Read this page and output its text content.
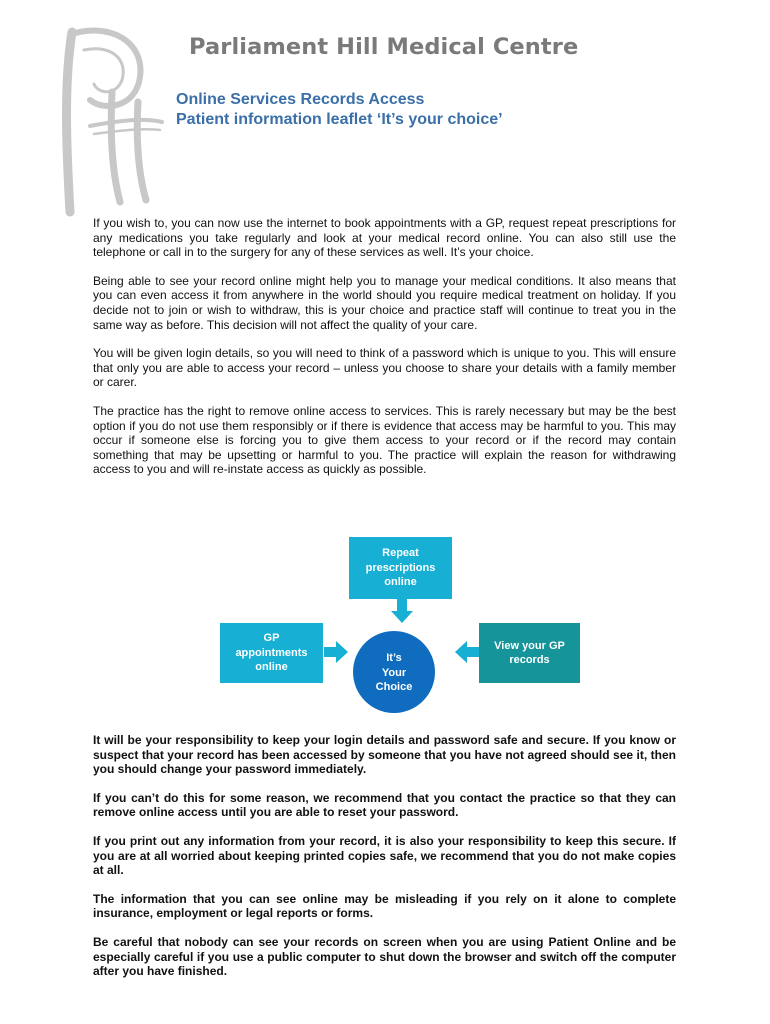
Parliament Hill Medical Centre
Online Services Records Access
Patient information leaflet ‘It’s your choice’

If you wish to, you can now use the internet to book appointments with a GP, request repeat prescriptions for any medications you take regularly and look at your medical record online. You can also still use the telephone or call in to the surgery for any of these services as well. It’s your choice.

Being able to see your record online might help you to manage your medical conditions. It also means that you can even access it from anywhere in the world should you require medical treatment on holiday. If you decide not to join or wish to withdraw, this is your choice and practice staff will continue to treat you in the same way as before. This decision will not affect the quality of your care.

You will be given login details, so you will need to think of a password which is unique to you. This will ensure that only you are able to access your record – unless you choose to share your details with a family member or carer.

The practice has the right to remove online access to services. This is rarely necessary but may be the best option if you do not use them responsibly or if there is evidence that access may be harmful to you. This may occur if someone else is forcing you to give them access to your record or if the record may contain something that may be upsetting or harmful to you. The practice will explain the reason for withdrawing access to you and will re-instate access as quickly as possible.

Repeat
prescriptions
online
GP
appointments
online
View your GP
records
It’s
Your
Choice

It will be your responsibility to keep your login details and password safe and secure. If you know or suspect that your record has been accessed by someone that you have not agreed should see it, then you should change your password immediately.

If you can’t do this for some reason, we recommend that you contact the practice so that they can remove online access until you are able to reset your password.

If you print out any information from your record, it is also your responsibility to keep this secure. If you are at all worried about keeping printed copies safe, we recommend that you do not make copies at all.

The information that you can see online may be misleading if you rely on it alone to complete insurance, employment or legal reports or forms.

Be careful that nobody can see your records on screen when you are using Patient Online and be especially careful if you use a public computer to shut down the browser and switch off the computer after you have finished.
